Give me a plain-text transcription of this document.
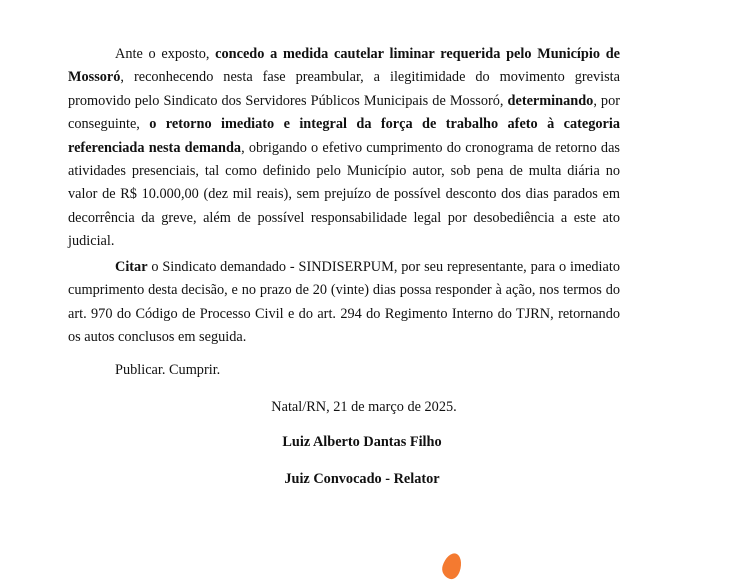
Ante o exposto, concedo a medida cautelar liminar requerida pelo Município de Mossoró, reconhecendo nesta fase preambular, a ilegitimidade do movimento grevista promovido pelo Sindicato dos Servidores Públicos Municipais de Mossoró, determinando, por conseguinte, o retorno imediato e integral da força de trabalho afeto à categoria referenciada nesta demanda, obrigando o efetivo cumprimento do cronograma de retorno das atividades presenciais, tal como definido pelo Município autor, sob pena de multa diária no valor de R$ 10.000,00 (dez mil reais), sem prejuízo de possível desconto dos dias parados em decorrência da greve, além de possível responsabilidade legal por desobediência a este ato judicial.

Citar o Sindicato demandado - SINDISERPUM, por seu representante, para o imediato cumprimento desta decisão, e no prazo de 20 (vinte) dias possa responder à ação, nos termos do art. 970 do Código de Processo Civil e do art. 294 do Regimento Interno do TJRN, retornando os autos conclusos em seguida.

Publicar. Cumprir.

Natal/RN, 21 de março de 2025.

Luiz Alberto Dantas Filho

Juiz Convocado - Relator
